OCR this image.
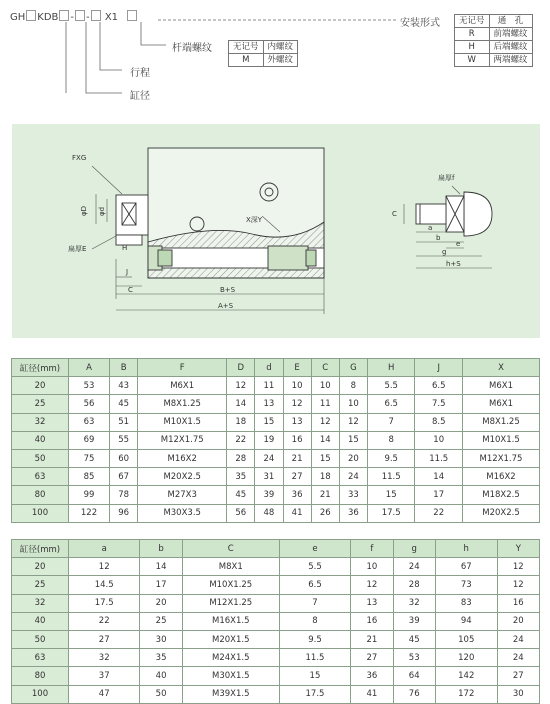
GH KDB - - X1
杆端螺纹
行程
缸径
安装形式
无记号	内螺纹
M	外螺纹
无记号	通　孔
R	前端螺纹
H	后端螺纹
W	两端螺纹
FXG
扁厚E
X深Y
H
J
C	B+S
A+S
φD φd
扁厚f
C
a
b
e
g
h+S
缸径(mm)	A	B	F	D	d	E	C	G	H	J	X
20	53	43	M6X1	12	11	10	10	8	5.5	6.5	M6X1
25	56	45	M8X1.25	14	13	12	11	10	6.5	7.5	M6X1
32	63	51	M10X1.5	18	15	13	12	12	7	8.5	M8X1.25
40	69	55	M12X1.75	22	19	16	14	15	8	10	M10X1.5
50	75	60	M16X2	28	24	21	15	20	9.5	11.5	M12X1.75
63	85	67	M20X2.5	35	31	27	18	24	11.5	14	M16X2
80	99	78	M27X3	45	39	36	21	33	15	17	M18X2.5
100	122	96	M30X3.5	56	48	41	26	36	17.5	22	M20X2.5
缸径(mm)	a	b	C	e	f	g	h	Y
20	12	14	M8X1	5.5	10	24	67	12
25	14.5	17	M10X1.25	6.5	12	28	73	12
32	17.5	20	M12X1.25	7	13	32	83	16
40	22	25	M16X1.5	8	16	39	94	20
50	27	30	M20X1.5	9.5	21	45	105	24
63	32	35	M24X1.5	11.5	27	53	120	24
80	37	40	M30X1.5	15	36	64	142	27
100	47	50	M39X1.5	17.5	41	76	172	30
